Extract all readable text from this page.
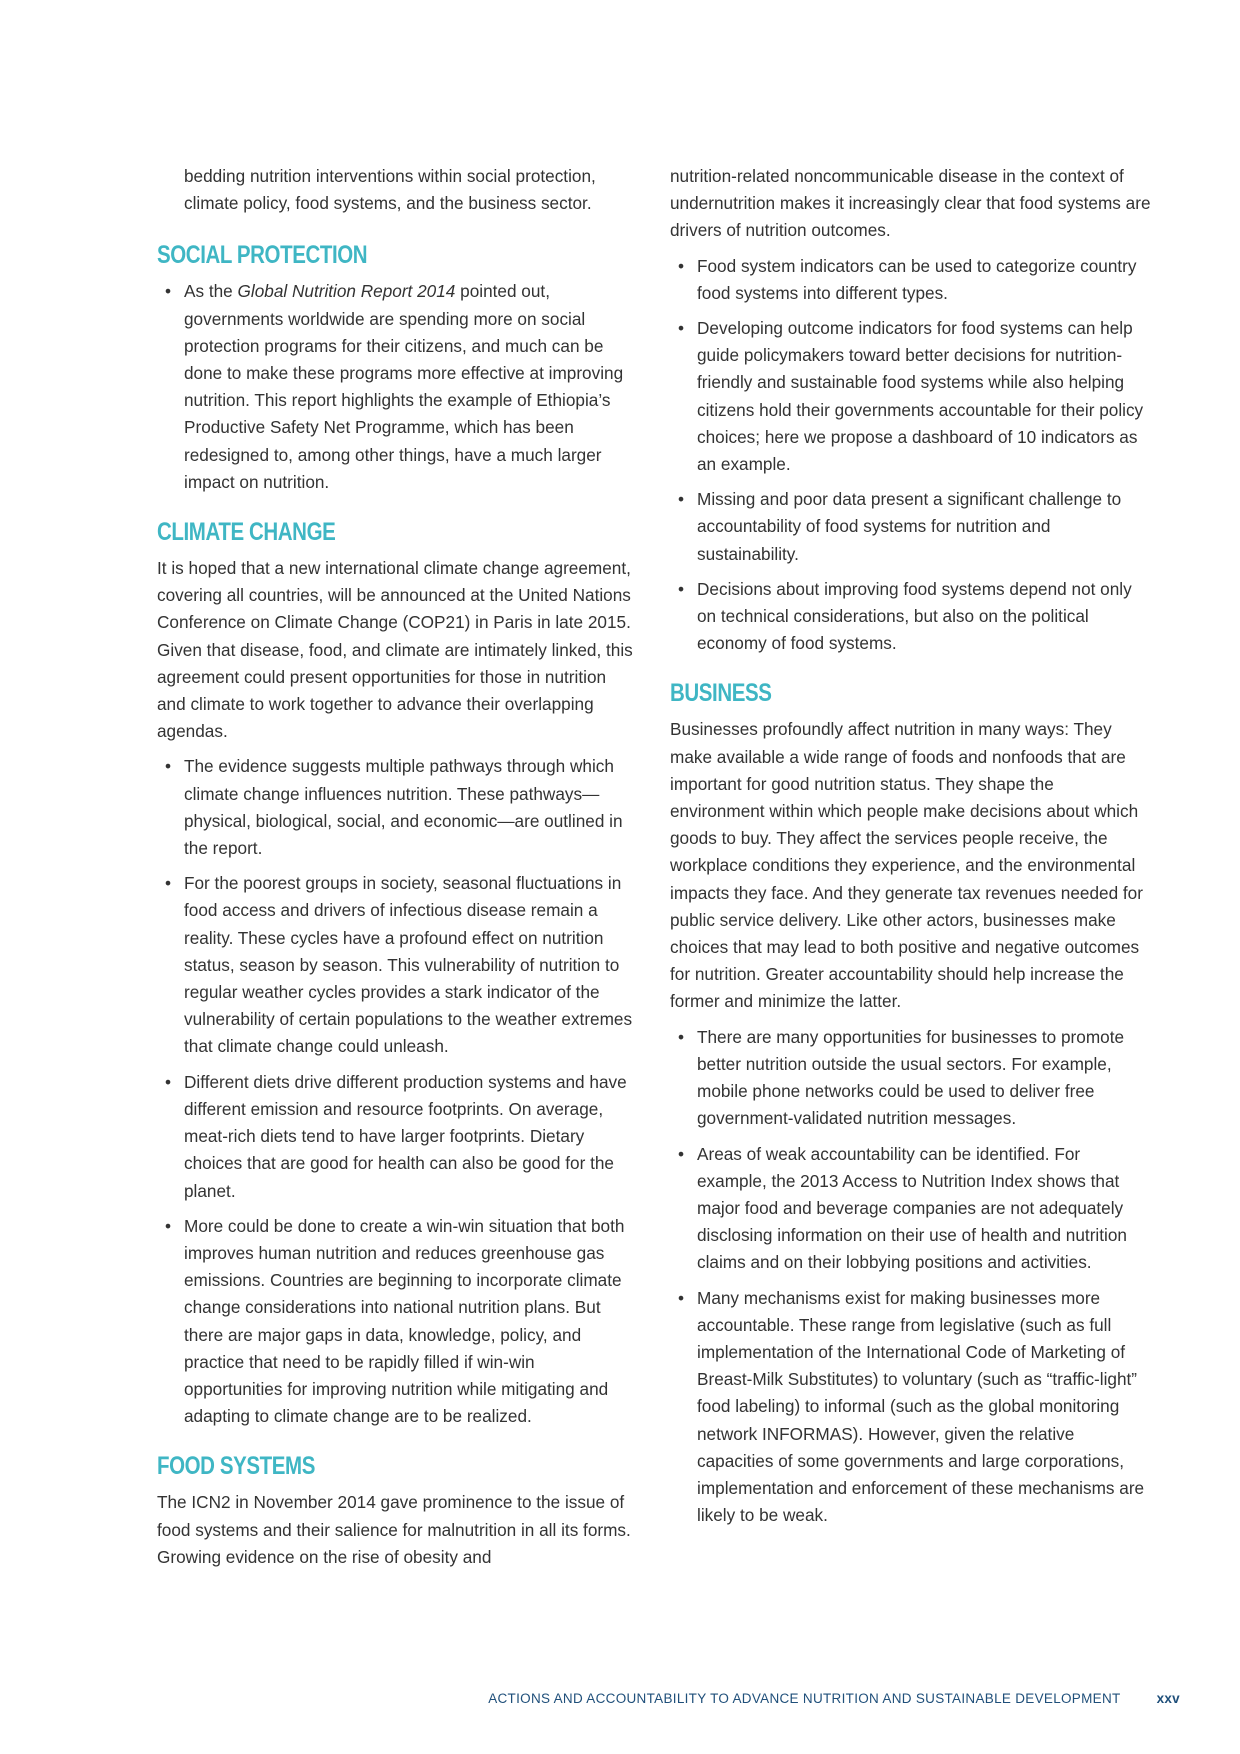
bedding nutrition interventions within social protection, climate policy, food systems, and the business sector.

SOCIAL PROTECTION
• As the Global Nutrition Report 2014 pointed out, governments worldwide are spending more on social protection programs for their citizens, and much can be done to make these programs more effective at improving nutrition. This report highlights the example of Ethiopia’s Productive Safety Net Programme, which has been redesigned to, among other things, have a much larger impact on nutrition.
CLIMATE CHANGE

It is hoped that a new international climate change agreement, covering all countries, will be announced at the United Nations Conference on Climate Change (COP21) in Paris in late 2015. Given that disease, food, and climate are intimately linked, this agreement could present opportunities for those in nutrition and climate to work together to advance their overlapping agendas.

• The evidence suggests multiple pathways through which climate change influences nutrition. These pathways—physical, biological, social, and economic—are outlined in the report.
• For the poorest groups in society, seasonal fluctuations in food access and drivers of infectious disease remain a reality. These cycles have a profound effect on nutrition status, season by season. This vulnerability of nutrition to regular weather cycles provides a stark indicator of the vulnerability of certain populations to the weather extremes that climate change could unleash.
• Different diets drive different production systems and have different emission and resource footprints. On average, meat-rich diets tend to have larger footprints. Dietary choices that are good for health can also be good for the planet.
• More could be done to create a win-win situation that both improves human nutrition and reduces greenhouse gas emissions. Countries are beginning to incorporate climate change considerations into national nutrition plans. But there are major gaps in data, knowledge, policy, and practice that need to be rapidly filled if win-win opportunities for improving nutrition while mitigating and adapting to climate change are to be realized.
FOOD SYSTEMS

The ICN2 in November 2014 gave prominence to the issue of food systems and their salience for malnutrition in all its forms. Growing evidence on the rise of obesity and

nutrition-related noncommunicable disease in the context of undernutrition makes it increasingly clear that food systems are drivers of nutrition outcomes.

• Food system indicators can be used to categorize country food systems into different types.
• Developing outcome indicators for food systems can help guide policymakers toward better decisions for nutrition-friendly and sustainable food systems while also helping citizens hold their governments accountable for their policy choices; here we propose a dashboard of 10 indicators as an example.
• Missing and poor data present a significant challenge to accountability of food systems for nutrition and sustainability.
• Decisions about improving food systems depend not only on technical considerations, but also on the political economy of food systems.
BUSINESS

Businesses profoundly affect nutrition in many ways: They make available a wide range of foods and nonfoods that are important for good nutrition status. They shape the environment within which people make decisions about which goods to buy. They affect the services people receive, the workplace conditions they experience, and the environmental impacts they face. And they generate tax revenues needed for public service delivery. Like other actors, businesses make choices that may lead to both positive and negative outcomes for nutrition. Greater accountability should help increase the former and minimize the latter.

• There are many opportunities for businesses to promote better nutrition outside the usual sectors. For example, mobile phone networks could be used to deliver free government-validated nutrition messages.
• Areas of weak accountability can be identified. For example, the 2013 Access to Nutrition Index shows that major food and beverage companies are not adequately disclosing information on their use of health and nutrition claims and on their lobbying positions and activities.
• Many mechanisms exist for making businesses more accountable. These range from legislative (such as full implementation of the International Code of Marketing of Breast-Milk Substitutes) to voluntary (such as “traffic-light” food labeling) to informal (such as the global monitoring network INFORMAS). However, given the relative capacities of some governments and large corporations, implementation and enforcement of these mechanisms are likely to be weak.
ACTIONS AND ACCOUNTABILITY TO ADVANCE NUTRITION AND SUSTAINABLE DEVELOPMENT	xxv
